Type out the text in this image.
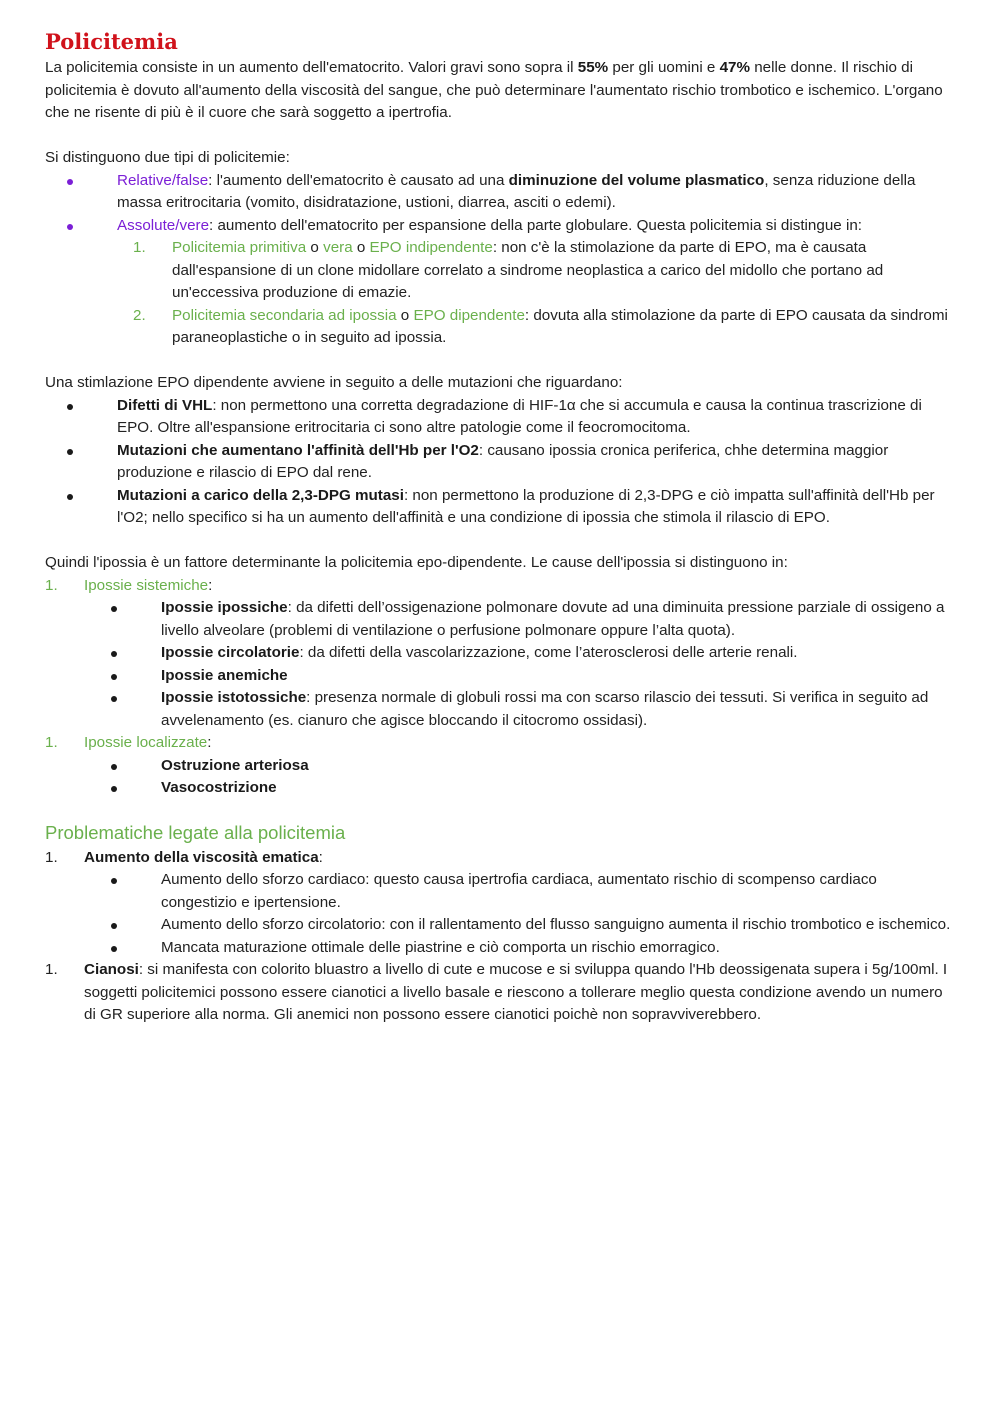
Policitemia

La policitemia consiste in un aumento dell'ematocrito. Valori gravi sono sopra il 55% per gli uomini e 47% nelle donne. Il rischio di policitemia è dovuto all'aumento della viscosità del sangue, che può determinare l'aumentato rischio trombotico e ischemico. L'organo che ne risente di più è il cuore che sarà soggetto a ipertrofia.

Si distinguono due tipi di policitemie:

Relative/false: l'aumento dell'ematocrito è causato ad una diminuzione del volume plasmatico, senza riduzione della massa eritrocitaria (vomito, disidratazione, ustioni, diarrea, asciti o edemi).
Assolute/vere: aumento dell'ematocrito per espansione della parte globulare. Questa policitemia si distingue in:
1. Policitemia primitiva o vera o EPO indipendente: non c'è la stimolazione da parte di EPO, ma è causata dall'espansione di un clone midollare correlato a sindrome neoplastica a carico del midollo che portano ad un'eccessiva produzione di emazie.
2. Policitemia secondaria ad ipossia o EPO dipendente: dovuta alla stimolazione da parte di EPO causata da sindromi paraneoplastiche o in seguito ad ipossia.

Una stimlazione EPO dipendente avviene in seguito a delle mutazioni che riguardano:

Difetti di VHL: non permettono una corretta degradazione di HIF-1α che si accumula e causa la continua trascrizione di EPO. Oltre all'espansione eritrocitaria ci sono altre patologie come il feocromocitoma.
Mutazioni che aumentano l'affinità dell'Hb per l'O2: causano ipossia cronica periferica, chhe determina maggior produzione e rilascio di EPO dal rene.
Mutazioni a carico della 2,3-DPG mutasi: non permettono la produzione di 2,3-DPG e ciò impatta sull'affinità dell'Hb per l'O2; nello specifico si ha un aumento dell'affinità e una condizione di ipossia che stimola il rilascio di EPO.

Quindi l'ipossia è un fattore determinante la policitemia epo-dipendente. Le cause dell'ipossia si distinguono in:

1. Ipossie sistemiche:
Ipossie ipossiche: da difetti dell’ossigenazione polmonare dovute ad una diminuita pressione parziale di ossigeno a livello alveolare (problemi di ventilazione o perfusione polmonare oppure l’alta quota).
Ipossie circolatorie: da difetti della vascolarizzazione, come l’aterosclerosi delle arterie renali.
Ipossie anemiche
Ipossie istotossiche: presenza normale di globuli rossi ma con scarso rilascio dei tessuti. Si verifica in seguito ad avvelenamento (es. cianuro che agisce bloccando il citocromo ossidasi).
1. Ipossie localizzate:
Ostruzione arteriosa
Vasocostrizione
Problematiche legate alla policitemia
1. Aumento della viscosità ematica:
Aumento dello sforzo cardiaco: questo causa ipertrofia cardiaca, aumentato rischio di scompenso cardiaco congestizio e ipertensione.
Aumento dello sforzo circolatorio: con il rallentamento del flusso sanguigno aumenta il rischio trombotico e ischemico.
Mancata maturazione ottimale delle piastrine e ciò comporta un rischio emorragico.
1. Cianosi: si manifesta con colorito bluastro a livello di cute e mucose e si sviluppa quando l'Hb deossigenata supera i 5g/100ml. I soggetti policitemici possono essere cianotici a livello basale e riescono a tollerare meglio questa condizione avendo un numero di GR superiore alla norma. Gli anemici non possono essere cianotici poichè non sopravviverebbero.
